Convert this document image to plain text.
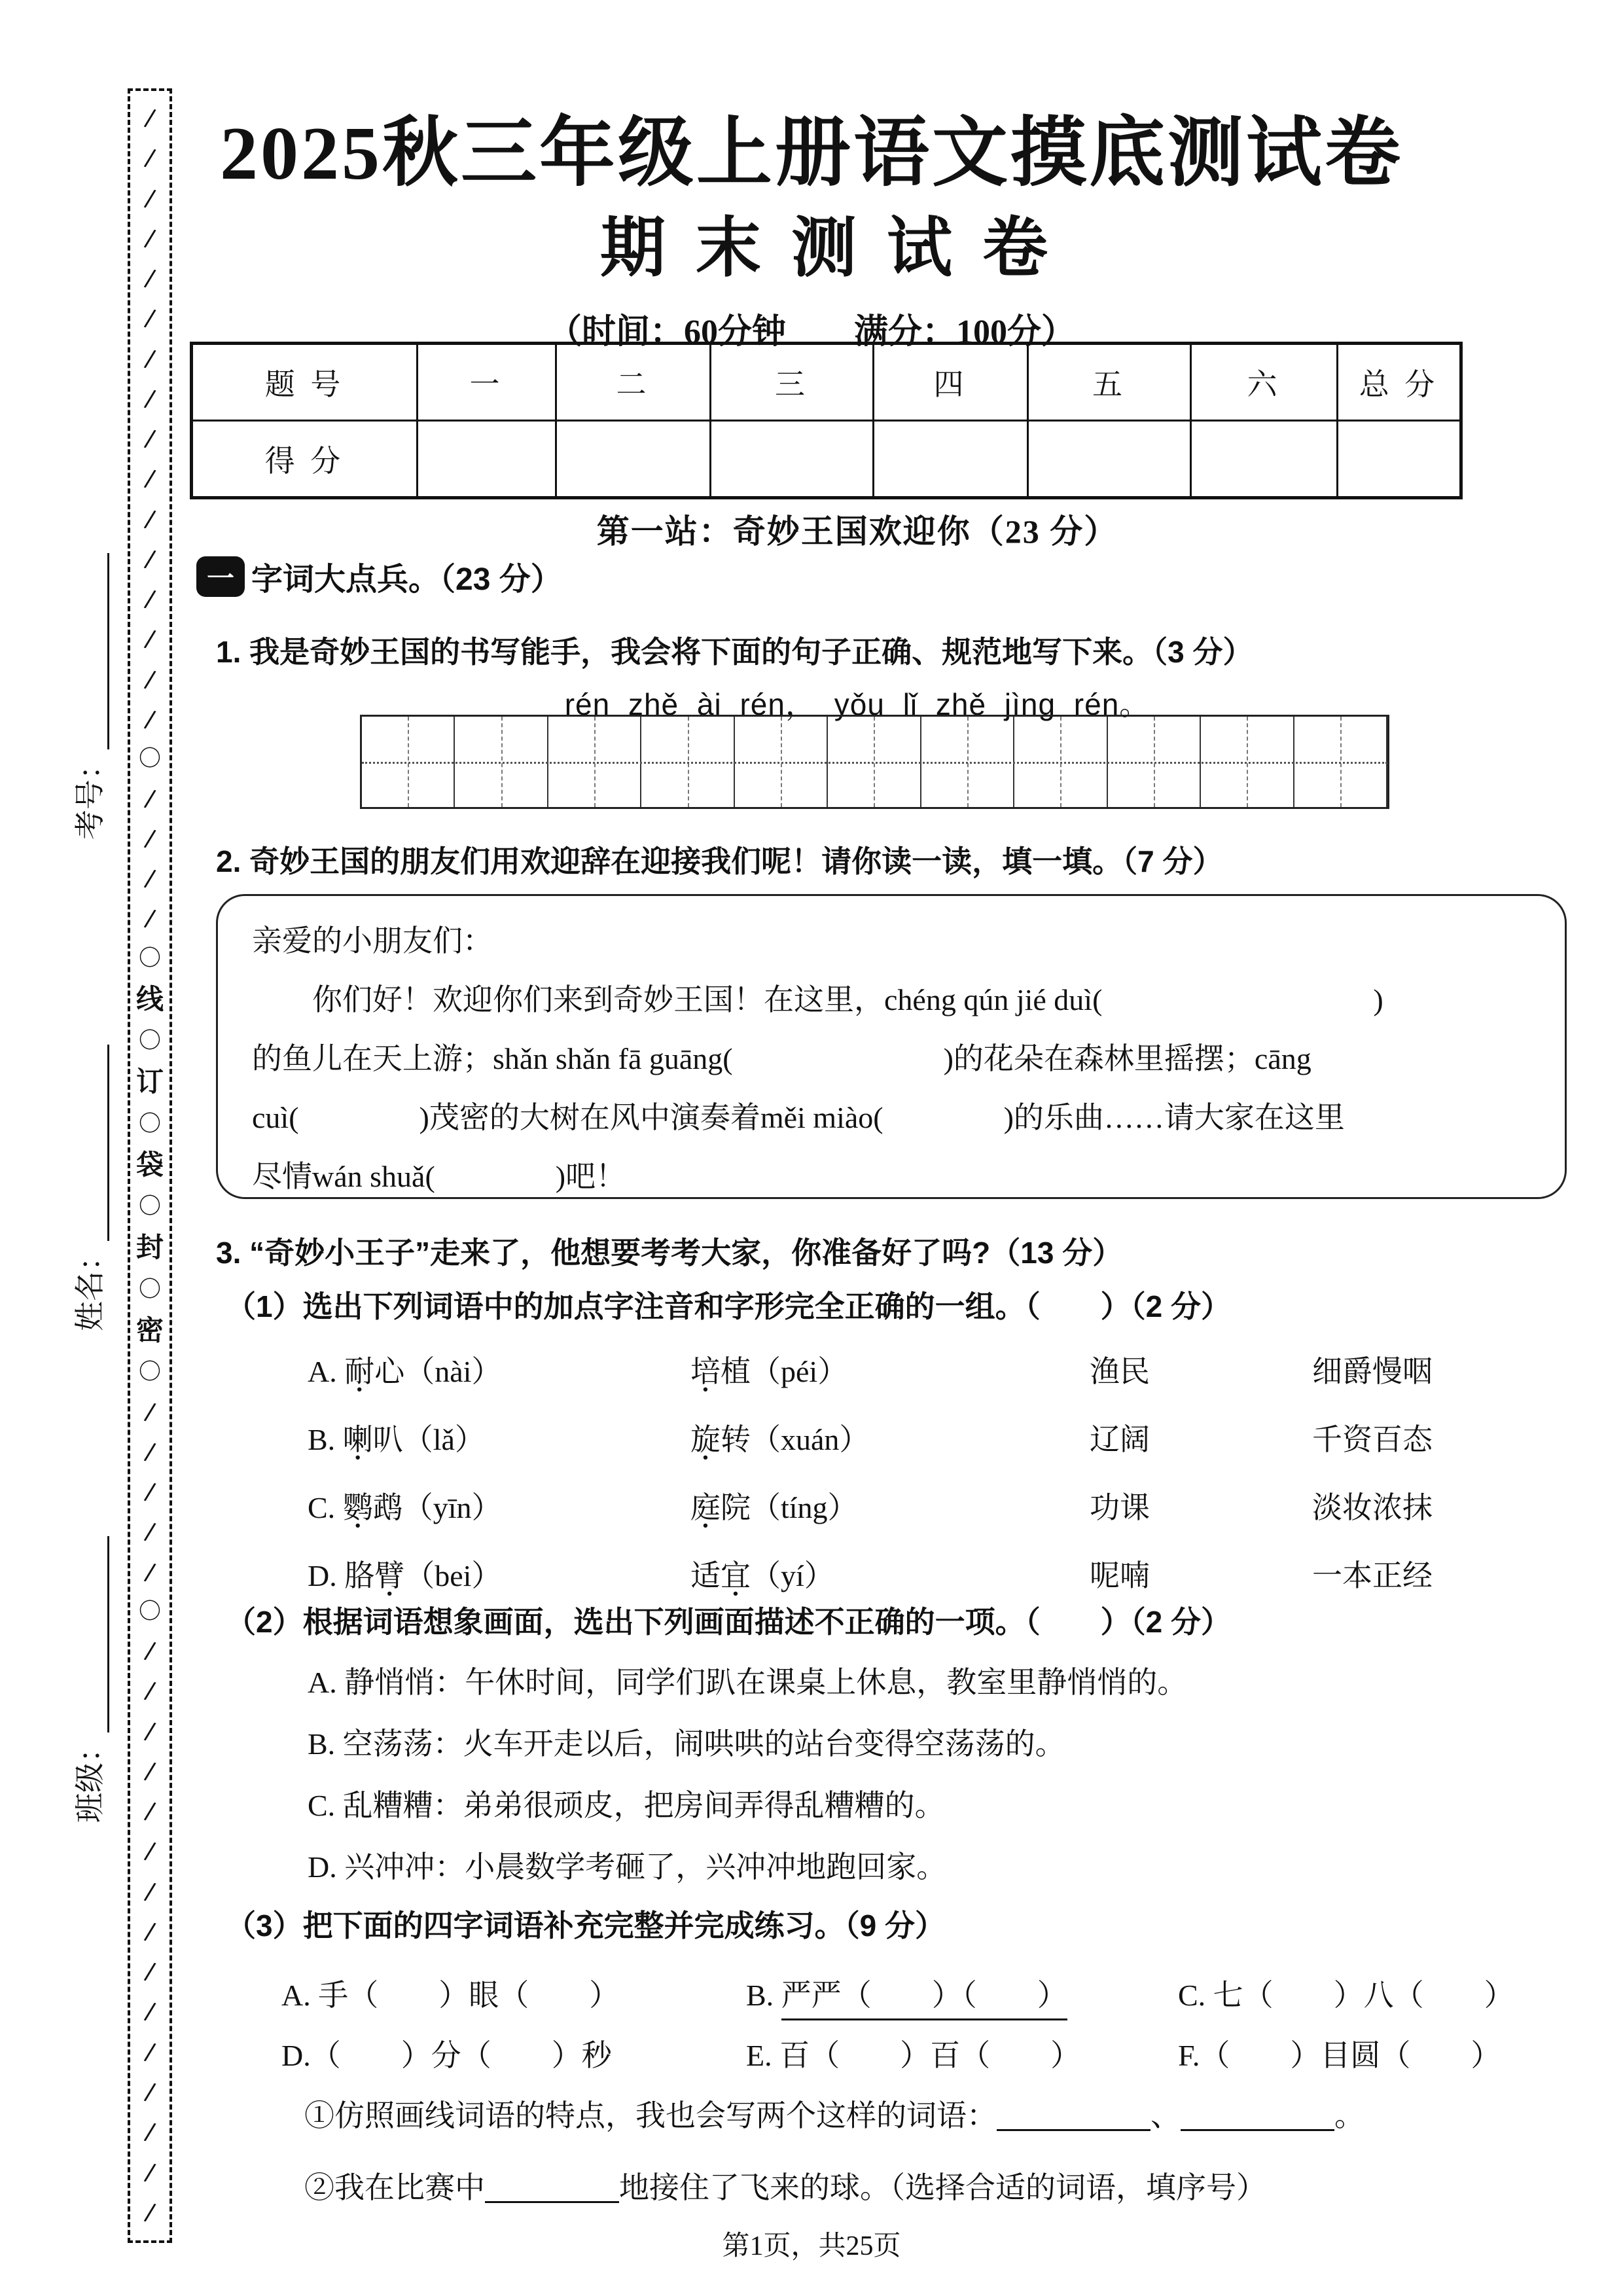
班级：
姓名：
考号：
/
/
/
/
/
/
/
/
/
/
/
/
/
/
/
/
〇
/
/
/
/
〇
线
〇
订
〇
袋
〇
封
〇
密
〇
/
/
/
/
/
〇
/
/
/
/
/
/
/
/
/
/
/
/
/
/
/
2025秋三年级上册语文摸底测试卷
期末测试卷
（时间：60分钟　　满分：100分）
题 号	一	二	三	四	五	六	总 分
得 分							
第一站：奇妙王国欢迎你（23 分）
一 字词大点兵。（23 分）
1. 我是奇妙王国的书写能手，我会将下面的句子正确、规范地写下来。（3 分）
rén zhě ài rén， yǒu lǐ zhě jìng rén。
2. 奇妙王国的朋友们用欢迎辞在迎接我们呢！请你读一读，填一填。（7 分）
亲爱的小朋友们：
你们好！欢迎你们来到奇妙王国！在这里，chéng qún jié duì(　　　　　　　　　)
的鱼儿在天上游；shǎn shǎn fā guāng(　　　　　　　)的花朵在森林里摇摆；cāng
cuì(　　　　)茂密的大树在风中演奏着měi miào(　　　　)的乐曲……请大家在这里
尽情wán shuǎ(　　　　)吧！
3. “奇妙小王子”走来了，他想要考考大家，你准备好了吗?（13 分）
（1）选出下列词语中的加点字注音和字形完全正确的一组。（　　）（2 分）
A. 耐 ●心（nài）	培 ●植（péi）	渔民	细爵慢咽
B. 喇 ●叭（lǎ）	旋 ●转（xuán）	辽阔	千资百态
C. 鹦 ●鹉（yīn）	庭 ●院（tíng）	功课	淡妆浓抹
D. 胳臂 ●（bei）	适宜 ●（yí）	呢喃	一本正经
（2）根据词语想象画面，选出下列画面描述不正确的一项。（　　）（2 分）
A. 静悄悄：午休时间，同学们趴在课桌上休息，教室里静悄悄的。
B. 空荡荡：火车开走以后，闹哄哄的站台变得空荡荡的。
C. 乱糟糟：弟弟很顽皮，把房间弄得乱糟糟的。
D. 兴冲冲：小晨数学考砸了，兴冲冲地跑回家。
（3）把下面的四字词语补充完整并完成练习。（9 分）
A. 手（　　）眼（　　）	B. 严严（　　）（　　）	C. 七（　　）八（　　）
D.（　　）分（　　）秒	E. 百（　　）百（　　）	F.（　　）目圆（　　）
①仿照画线词语的特点，我也会写两个这样的词语：	、	。
②我在比赛中	地接住了飞来的球。（选择合适的词语，填序号）
第1页，共25页
